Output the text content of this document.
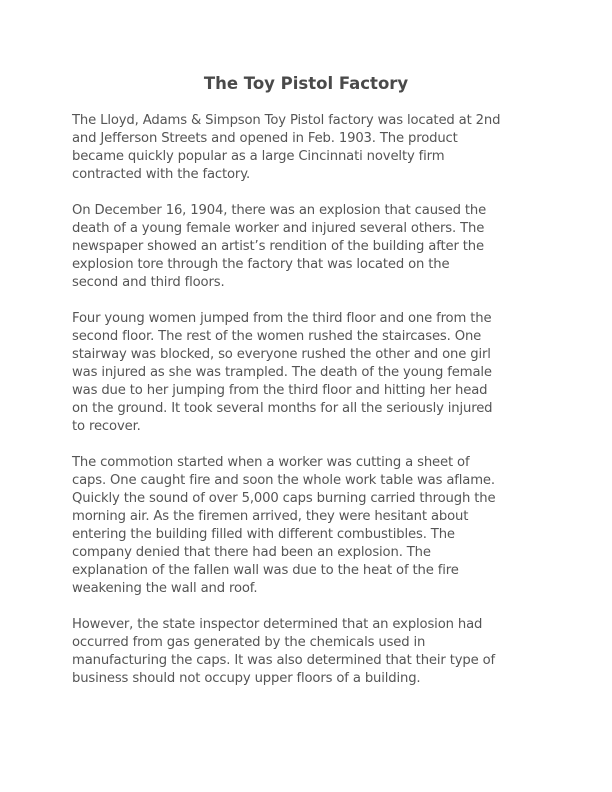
The Toy Pistol Factory

The Lloyd, Adams & Simpson Toy Pistol factory was located at 2nd
and Jefferson Streets and opened in Feb. 1903. The product
became quickly popular as a large Cincinnati novelty firm
contracted with the factory.

On December 16, 1904, there was an explosion that caused the
death of a young female worker and injured several others. The
newspaper showed an artist’s rendition of the building after the
explosion tore through the factory that was located on the
second and third floors.

Four young women jumped from the third floor and one from the
second floor. The rest of the women rushed the staircases. One
stairway was blocked, so everyone rushed the other and one girl
was injured as she was trampled. The death of the young female
was due to her jumping from the third floor and hitting her head
on the ground. It took several months for all the seriously injured
to recover.

The commotion started when a worker was cutting a sheet of
caps. One caught fire and soon the whole work table was aflame.
Quickly the sound of over 5,000 caps burning carried through the
morning air. As the firemen arrived, they were hesitant about
entering the building filled with different combustibles. The
company denied that there had been an explosion. The
explanation of the fallen wall was due to the heat of the fire
weakening the wall and roof.

However, the state inspector determined that an explosion had
occurred from gas generated by the chemicals used in
manufacturing the caps. It was also determined that their type of
business should not occupy upper floors of a building.
